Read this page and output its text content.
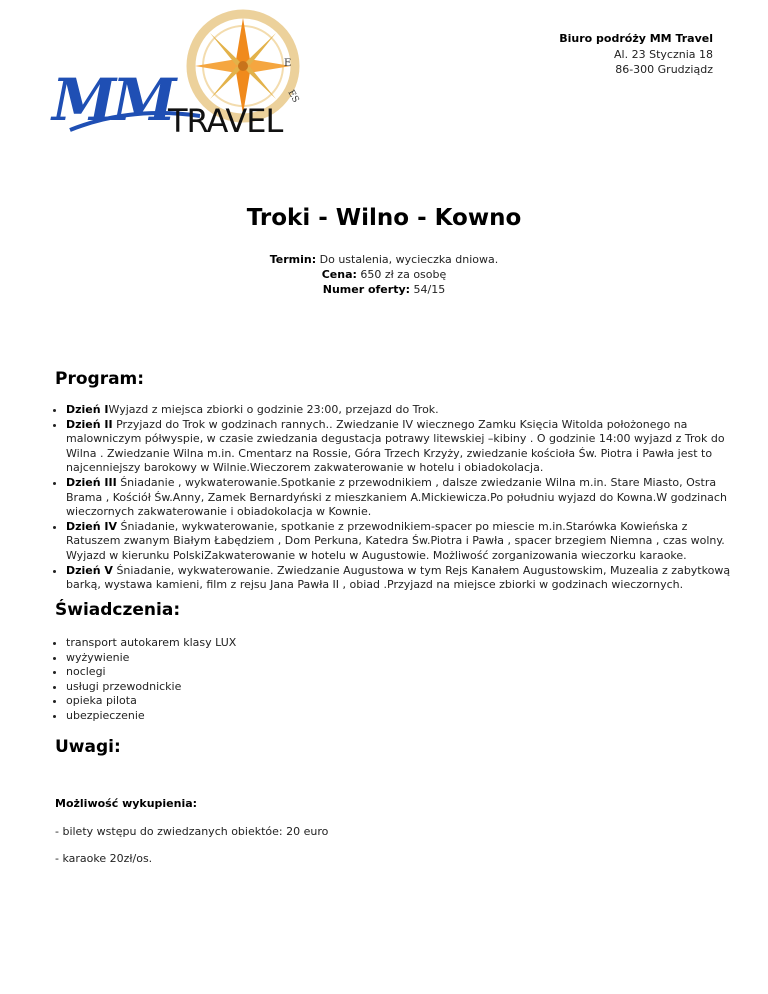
Biuro podróży MM Travel
Al. 23 Stycznia 18
86-300 Grudziądz
E
ES
MM
TRAVEL
Troki - Wilno - Kowno
Termin: Do ustalenia, wycieczka dniowa.
Cena: 650 zł za osobę
Numer oferty: 54/15
Program:
• Dzień IWyjazd z miejsca zbiorki o godzinie 23:00, przejazd do Trok.
• Dzień II Przyjazd do Trok w godzinach rannych.. Zwiedzanie IV wiecznego Zamku Księcia Witolda położonego na malowniczym półwyspie, w czasie zwiedzania degustacja potrawy litewskiej –kibiny . O godzinie 14:00 wyjazd z Trok do Wilna . Zwiedzanie Wilna m.in. Cmentarz na Rossie, Góra Trzech Krzyży, zwiedzanie kościoła Św. Piotra i Pawła jest to najcenniejszy barokowy w Wilnie.Wieczorem zakwaterowanie w hotelu i obiadokolacja.
• Dzień III Śniadanie , wykwaterowanie.Spotkanie z przewodnikiem , dalsze zwiedzanie Wilna m.in. Stare Miasto, Ostra Brama , Kościół Św.Anny, Zamek Bernardyński z mieszkaniem A.Mickiewicza.Po południu wyjazd do Kowna.W godzinach wieczornych zakwaterowanie i obiadokolacja w Kownie.
• Dzień IV Śniadanie, wykwaterowanie, spotkanie z przewodnikiem-spacer po miescie m.in.Starówka Kowieńska z Ratuszem zwanym Białym Łabędziem , Dom Perkuna, Katedra Św.Piotra i Pawła , spacer brzegiem Niemna , czas wolny. Wyjazd w kierunku PolskiZakwaterowanie w hotelu w Augustowie. Możliwość zorganizowania wieczorku karaoke.
• Dzień V Śniadanie, wykwaterowanie. Zwiedzanie Augustowa w tym Rejs Kanałem Augustowskim, Muzealia z zabytkową barką, wystawa kamieni, film z rejsu Jana Pawła II , obiad .Przyjazd na miejsce zbiorki w godzinach wieczornych.
Świadczenia:
• transport autokarem klasy LUX
• wyżywienie
• noclegi
• usługi przewodnickie
• opieka pilota
• ubezpieczenie
Uwagi:
Możliwość wykupienia:
- bilety wstępu do zwiedzanych obiektóe: 20 euro
- karaoke 20zł/os.
